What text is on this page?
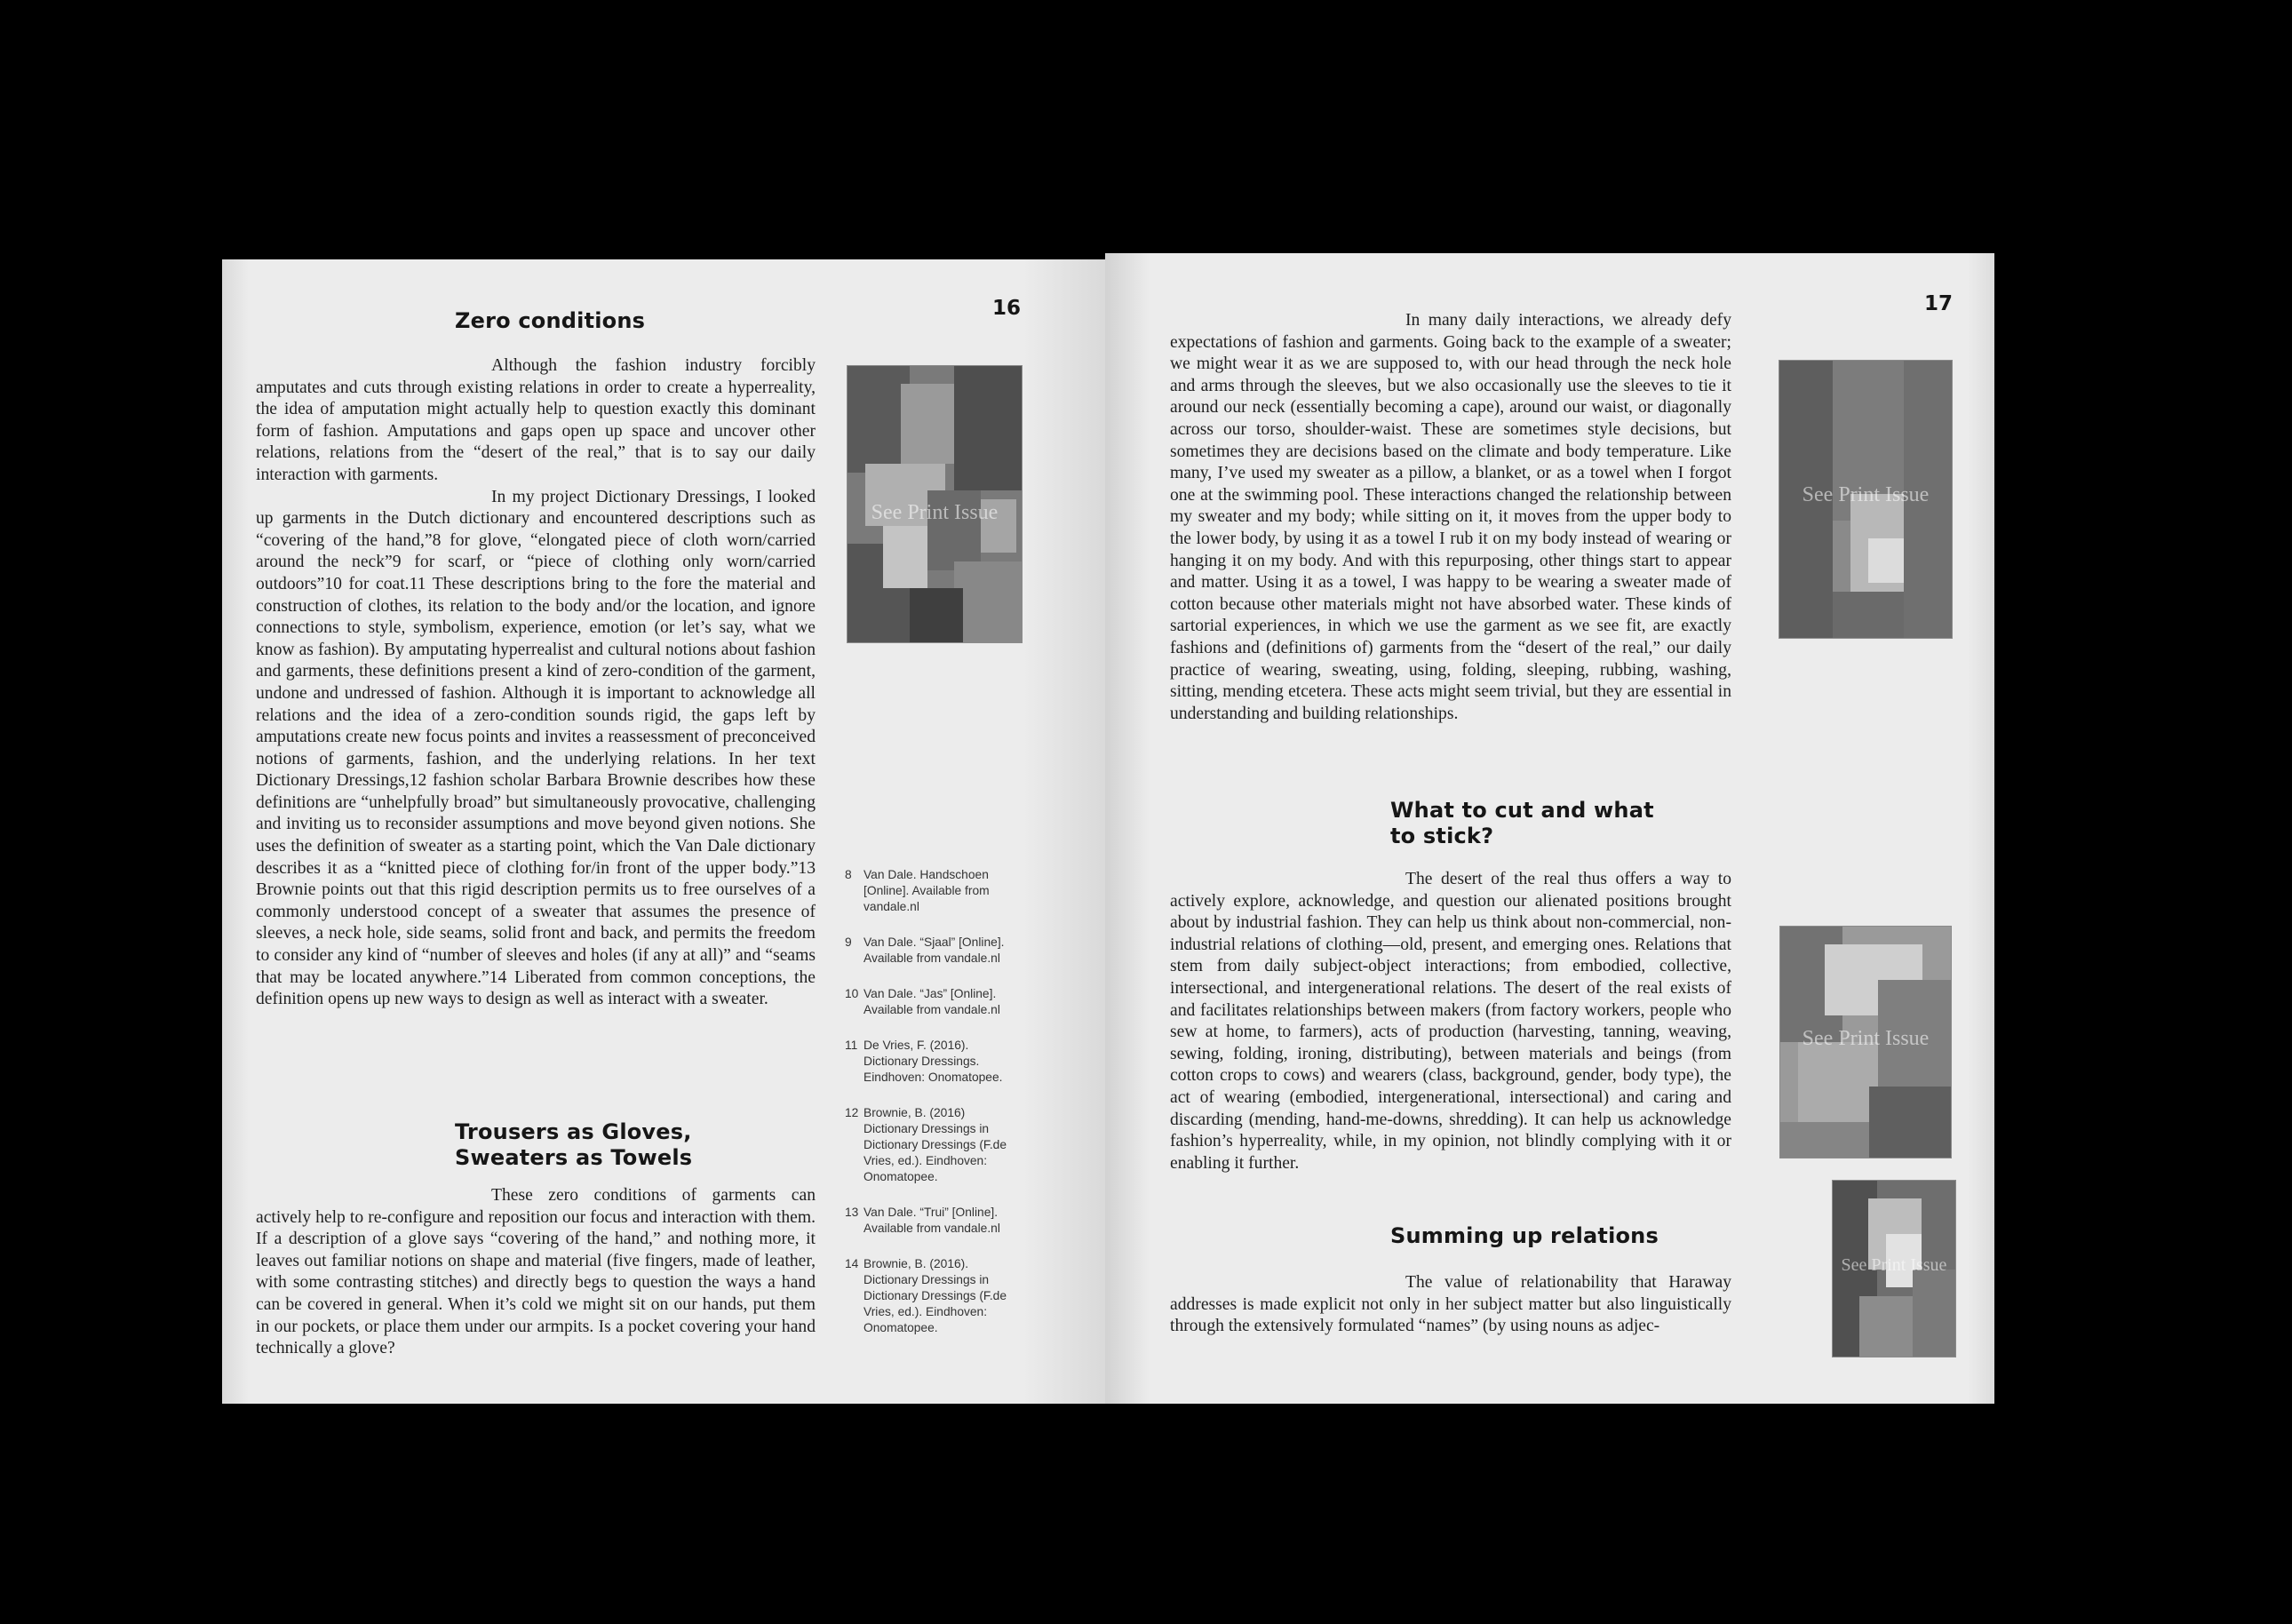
Zero conditions	16

Although the fashion industry forcibly amputates and cuts through existing relations in order to create a hyperreality, the idea of amputation might actually help to question exactly this dominant form of fashion. Amputations and gaps open up space and uncover other relations, relations from the “desert of the real,” that is to say our daily interaction with garments.

In my project Dictionary Dressings, I looked up garments in the Dutch dictionary and encountered descriptions such as “covering of the hand,”8 for glove, “elongated piece of cloth worn/carried around the neck”9 for scarf, or “piece of clothing only worn/carried outdoors”10 for coat.11 These descriptions bring to the fore the material and construction of clothes, its relation to the body and/or the location, and ignore connections to style, symbolism, experience, emotion (or let’s say, what we know as fashion). By amputating hyperrealist and cultural notions about fashion and garments, these definitions present a kind of zero-condition of the garment, undone and undressed of fashion. Although it is important to acknowledge all relations and the idea of a zero-condition sounds rigid, the gaps left by amputations create new focus points and invites a reassessment of preconceived notions of garments, fashion, and the underlying relations. In her text Dictionary Dressings,12 fashion scholar Barbara Brownie describes how these definitions are “unhelpfully broad” but simultaneously provocative, challenging and inviting us to reconsider assumptions and move beyond given notions. She uses the definition of sweater as a starting point, which the Van Dale dictionary describes it as a “knitted piece of clothing for/in front of the upper body.”13 Brownie points out that this rigid description permits us to free ourselves of a commonly understood concept of a sweater that assumes the presence of sleeves, a neck hole, side seams, solid front and back, and permits the freedom to consider any kind of “number of sleeves and holes (if any at all)” and “seams that may be located anywhere.”14 Liberated from common conceptions, the definition opens up new ways to design as well as interact with a sweater.

Trousers as Gloves,
Sweaters as Towels

These zero conditions of garments can actively help to re-configure and reposition our focus and interaction with them. If a description of a glove says “covering of the hand,” and nothing more, it leaves out familiar notions on shape and material (five fingers, made of leather, with some contrasting stitches) and directly begs to question the ways a hand can be covered in general. When it’s cold we might sit on our hands, put them in our pockets, or place them under our armpits. Is a pocket covering your hand technically a glove?

See Print Issue
8 Van Dale. Handschoen [Online]. Available from vandale.nl
9 Van Dale. “Sjaal” [Online]. Available from vandale.nl
10 Van Dale. “Jas” [Online]. Available from vandale.nl
11 De Vries, F. (2016). Dictionary Dressings. Eindhoven: Onomatopee.
12 Brownie, B. (2016) Dictionary Dressings in Dictionary Dressings (F.de Vries, ed.). Eindhoven: Onomatopee.
13 Van Dale. “Trui” [Online]. Available from vandale.nl
14 Brownie, B. (2016). Dictionary Dressings in Dictionary Dressings (F.de Vries, ed.). Eindhoven: Onomatopee.
17

In many daily interactions, we already defy expectations of fashion and garments. Going back to the example of a sweater; we might wear it as we are supposed to, with our head through the neck hole and arms through the sleeves, but we also occasionally use the sleeves to tie it around our neck (essentially becoming a cape), around our waist, or diagonally across our torso, shoulder-waist. These are sometimes style decisions, but sometimes they are decisions based on the climate and body temperature. Like many, I’ve used my sweater as a pillow, a blanket, or as a towel when I forgot one at the swimming pool. These interactions changed the relationship between my sweater and my body; while sitting on it, it moves from the upper body to the lower body, by using it as a towel I rub it on my body instead of wearing or hanging it on my body. And with this repurposing, other things start to appear and matter. Using it as a towel, I was happy to be wearing a sweater made of cotton because other materials might not have absorbed water. These kinds of sartorial experiences, in which we use the garment as we see fit, are exactly fashions and (definitions of) garments from the “desert of the real,” our daily practice of wearing, sweating, using, folding, sleeping, rubbing, washing, sitting, mending etcetera. These acts might seem trivial, but they are essential in understanding and building relationships.

What to cut and what
to stick?

The desert of the real thus offers a way to actively explore, acknowledge, and question our alienated positions brought about by industrial fashion. They can help us think about non-commercial, non-industrial relations of clothing—old, present, and emerging ones. Relations that stem from daily subject-object interactions; from embodied, collective, intersectional, and intergenerational relations. The desert of the real exists of and facilitates relationships between makers (from factory workers, people who sew at home, to farmers), acts of production (harvesting, tanning, weaving, sewing, folding, ironing, distributing), between materials and beings (from cotton crops to cows) and wearers (class, background, gender, body type), the act of wearing (embodied, intergenerational, intersectional) and caring and discarding (mending, hand-me-downs, shredding). It can help us acknowledge fashion’s hyperreality, while, in my opinion, not blindly complying with it or enabling it further.

Summing up relations

The value of relationability that Haraway addresses is made explicit not only in her subject matter but also linguistically through the extensively formulated “names” (by using nouns as adjec-

See Print Issue
See Print Issue
See Print Issue
